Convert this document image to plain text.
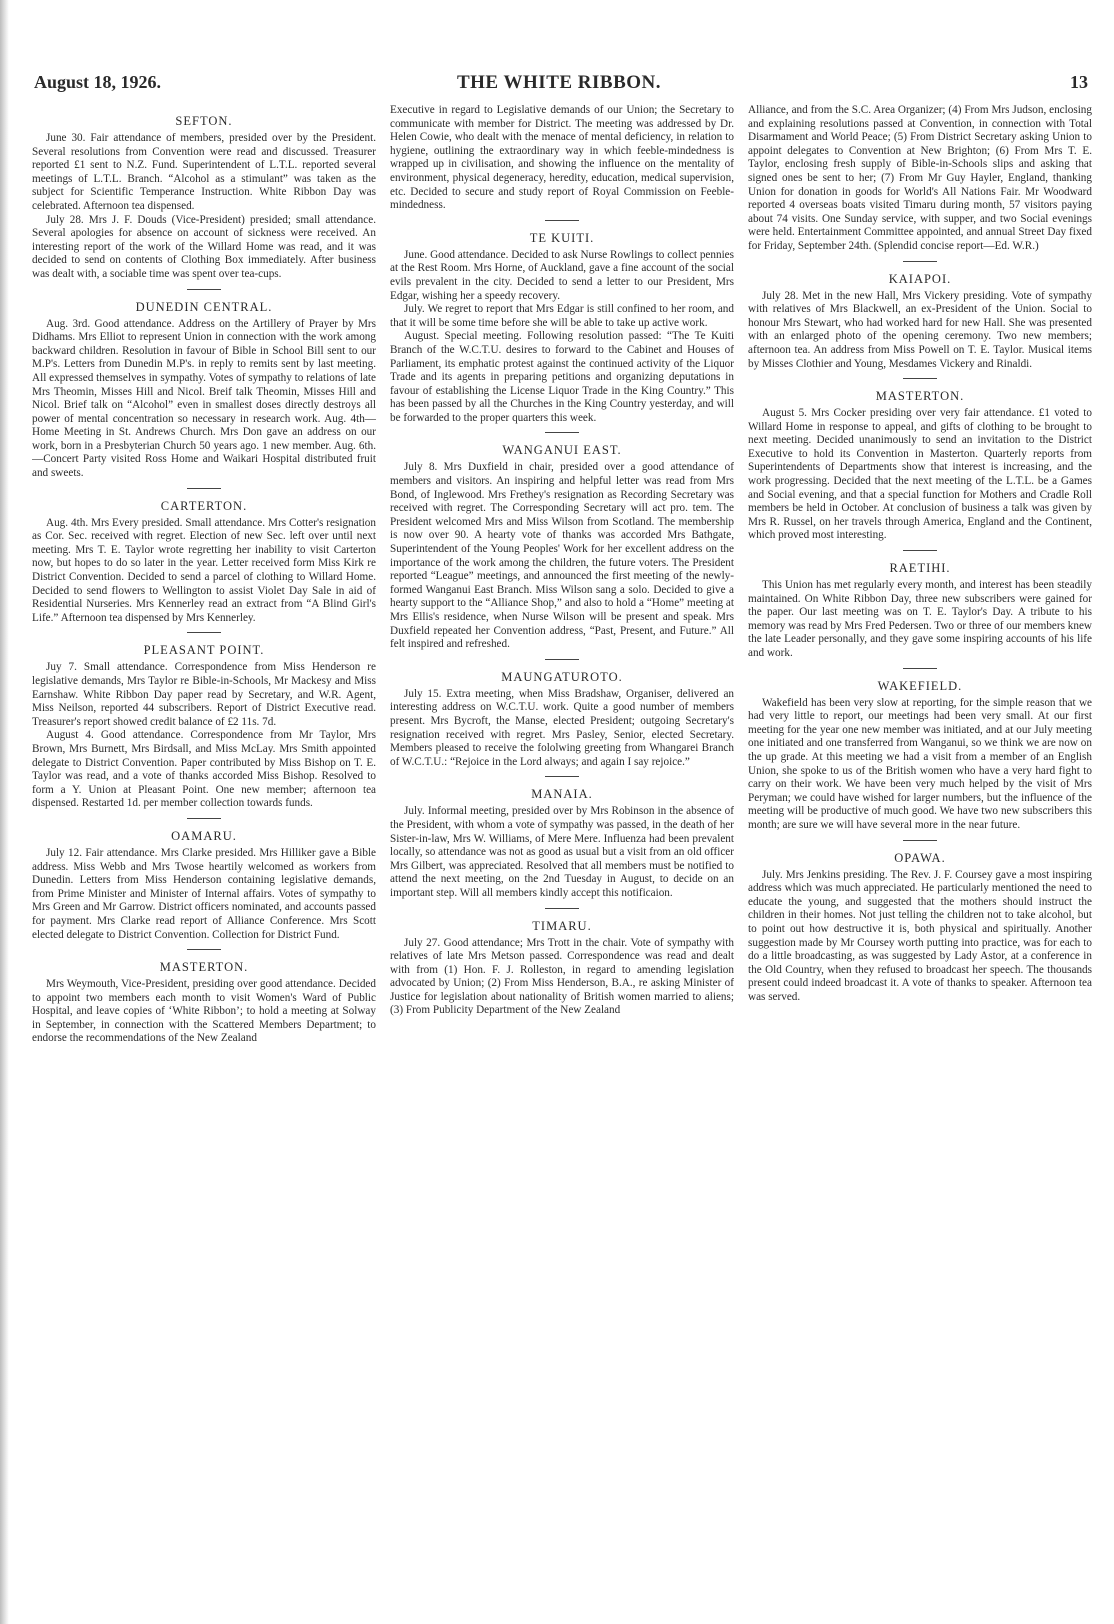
August 18, 1926.	THE WHITE RIBBON.	13
SEFTON.

June 30. Fair attendance of members, presided over by the President. Several resolutions from Convention were read and discussed. Treasurer reported £1 sent to N.Z. Fund. Superintendent of L.T.L. reported several meetings of L.T.L. Branch. “Alcohol as a stimulant” was taken as the subject for Scientific Temperance Instruction. White Ribbon Day was celebrated. Afternoon tea dispensed.

July 28. Mrs J. F. Douds (Vice-President) presided; small attendance. Several apologies for absence on account of sickness were received. An interesting report of the work of the Willard Home was read, and it was decided to send on contents of Clothing Box immediately. After business was dealt with, a sociable time was spent over tea-cups.

DUNEDIN CENTRAL.

Aug. 3rd. Good attendance. Address on the Artillery of Prayer by Mrs Didhams. Mrs Elliot to represent Union in connection with the work among backward children. Resolution in favour of Bible in School Bill sent to our M.P's. Letters from Dunedin M.P's. in reply to remits sent by last meeting. All expressed themselves in sympathy. Votes of sympathy to relations of late Mrs Theomin, Misses Hill and Nicol. Breif talk Theomin, Misses Hill and Nicol. Brief talk on “Alcohol” even in smallest doses directly destroys all power of mental concentration so necessary in research work. Aug. 4th—Home Meeting in St. Andrews Church. Mrs Don gave an address on our work, born in a Presbyterian Church 50 years ago. 1 new member. Aug. 6th.—Concert Party visited Ross Home and Waikari Hospital distributed fruit and sweets.

CARTERTON.

Aug. 4th. Mrs Every presided. Small attendance. Mrs Cotter's resignation as Cor. Sec. received with regret. Election of new Sec. left over until next meeting. Mrs T. E. Taylor wrote regretting her inability to visit Carterton now, but hopes to do so later in the year. Letter received form Miss Kirk re District Convention. Decided to send a parcel of clothing to Willard Home. Decided to send flowers to Wellington to assist Violet Day Sale in aid of Residential Nurseries. Mrs Kennerley read an extract from “A Blind Girl's Life.” Afternoon tea dispensed by Mrs Kennerley.

PLEASANT POINT.

Juy 7. Small attendance. Correspondence from Miss Henderson re legislative demands, Mrs Taylor re Bible-in-Schools, Mr Mackesy and Miss Earnshaw. White Ribbon Day paper read by Secretary, and W.R. Agent, Miss Neilson, reported 44 subscribers. Report of District Executive read. Treasurer's report showed credit balance of £2 11s. 7d.

August 4. Good attendance. Correspondence from Mr Taylor, Mrs Brown, Mrs Burnett, Mrs Birdsall, and Miss McLay. Mrs Smith appointed delegate to District Convention. Paper contributed by Miss Bishop on T. E. Taylor was read, and a vote of thanks accorded Miss Bishop. Resolved to form a Y. Union at Pleasant Point. One new member; afternoon tea dispensed. Restarted 1d. per member collection towards funds.

OAMARU.

July 12. Fair attendance. Mrs Clarke presided. Mrs Hilliker gave a Bible address. Miss Webb and Mrs Twose heartily welcomed as workers from Dunedin. Letters from Miss Henderson containing legislative demands, from Prime Minister and Minister of Internal affairs. Votes of sympathy to Mrs Green and Mr Garrow. District officers nominated, and accounts passed for payment. Mrs Clarke read report of Alliance Conference. Mrs Scott elected delegate to District Convention. Collection for District Fund.

MASTERTON.

Mrs Weymouth, Vice-President, presiding over good attendance. Decided to appoint two members each month to visit Women's Ward of Public Hospital, and leave copies of ‘White Ribbon’; to hold a meeting at Solway in September, in connection with the Scattered Members Department; to endorse the recommendations of the New Zealand

Executive in regard to Legislative demands of our Union; the Secretary to communicate with member for District. The meeting was addressed by Dr. Helen Cowie, who dealt with the menace of mental deficiency, in relation to hygiene, outlining the extraordinary way in which feeble-mindedness is wrapped up in civilisation, and showing the influence on the mentality of environment, physical degeneracy, heredity, education, medical supervision, etc. Decided to secure and study report of Royal Commission on Feeble-mindedness.

TE KUITI.

June. Good attendance. Decided to ask Nurse Rowlings to collect pennies at the Rest Room. Mrs Horne, of Auckland, gave a fine account of the social evils prevalent in the city. Decided to send a letter to our President, Mrs Edgar, wishing her a speedy recovery.

July. We regret to report that Mrs Edgar is still confined to her room, and that it will be some time before she will be able to take up active work.

August. Special meeting. Following resolution passed: “The Te Kuiti Branch of the W.C.T.U. desires to forward to the Cabinet and Houses of Parliament, its emphatic protest against the continued activity of the Liquor Trade and its agents in preparing petitions and organizing deputations in favour of establishing the License Liquor Trade in the King Country.” This has been passed by all the Churches in the King Country yesterday, and will be forwarded to the proper quarters this week.

WANGANUI EAST.

July 8. Mrs Duxfield in chair, presided over a good attendance of members and visitors. An inspiring and helpful letter was read from Mrs Bond, of Inglewood. Mrs Frethey's resignation as Recording Secretary was received with regret. The Corresponding Secretary will act pro. tem. The President welcomed Mrs and Miss Wilson from Scotland. The membership is now over 90. A hearty vote of thanks was accorded Mrs Bathgate, Superintendent of the Young Peoples' Work for her excellent address on the importance of the work among the children, the future voters. The President reported “League” meetings, and announced the first meeting of the newly-formed Wanganui East Branch. Miss Wilson sang a solo. Decided to give a hearty support to the “Alliance Shop,” and also to hold a “Home” meeting at Mrs Ellis's residence, when Nurse Wilson will be present and speak. Mrs Duxfield repeated her Convention address, “Past, Present, and Future.” All felt inspired and refreshed.

MAUNGATUROTO.

July 15. Extra meeting, when Miss Bradshaw, Organiser, delivered an interesting address on W.C.T.U. work. Quite a good number of members present. Mrs Bycroft, the Manse, elected President; outgoing Secretary's resignation received with regret. Mrs Pasley, Senior, elected Secretary. Members pleased to receive the fololwing greeting from Whangarei Branch of W.C.T.U.: “Rejoice in the Lord always; and again I say rejoice.”

MANAIA.

July. Informal meeting, presided over by Mrs Robinson in the absence of the President, with whom a vote of sympathy was passed, in the death of her Sister-in-law, Mrs W. Williams, of Mere Mere. Influenza had been prevalent locally, so attendance was not as good as usual but a visit from an old officer Mrs Gilbert, was appreciated. Resolved that all members must be notified to attend the next meeting, on the 2nd Tuesday in August, to decide on an important step. Will all members kindly accept this notificaion.

TIMARU.

July 27. Good attendance; Mrs Trott in the chair. Vote of sympathy with relatives of late Mrs Metson passed. Correspondence was read and dealt with from (1) Hon. F. J. Rolleston, in regard to amending legislation advocated by Union; (2) From Miss Henderson, B.A., re asking Minister of Justice for legislation about nationality of British women married to aliens; (3) From Publicity Department of the New Zealand

Alliance, and from the S.C. Area Organizer; (4) From Mrs Judson, enclosing and explaining resolutions passed at Convention, in connection with Total Disarmament and World Peace; (5) From District Secretary asking Union to appoint delegates to Convention at New Brighton; (6) From Mrs T. E. Taylor, enclosing fresh supply of Bible-in-Schools slips and asking that signed ones be sent to her; (7) From Mr Guy Hayler, England, thanking Union for donation in goods for World's All Nations Fair. Mr Woodward reported 4 overseas boats visited Timaru during month, 57 visitors paying about 74 visits. One Sunday service, with supper, and two Social evenings were held. Entertainment Committee appointed, and annual Street Day fixed for Friday, September 24th. (Splendid concise report—Ed. W.R.)

KAIAPOI.

July 28. Met in the new Hall, Mrs Vickery presiding. Vote of sympathy with relatives of Mrs Blackwell, an ex-President of the Union. Social to honour Mrs Stewart, who had worked hard for new Hall. She was presented with an enlarged photo of the opening ceremony. Two new members; afternoon tea. An address from Miss Powell on T. E. Taylor. Musical items by Misses Clothier and Young, Mesdames Vickery and Rinaldi.

MASTERTON.

August 5. Mrs Cocker presiding over very fair attendance. £1 voted to Willard Home in response to appeal, and gifts of clothing to be brought to next meeting. Decided unanimously to send an invitation to the District Executive to hold its Convention in Masterton. Quarterly reports from Superintendents of Departments show that interest is increasing, and the work progressing. Decided that the next meeting of the L.T.L. be a Games and Social evening, and that a special function for Mothers and Cradle Roll members be held in October. At conclusion of business a talk was given by Mrs R. Russel, on her travels through America, England and the Continent, which proved most interesting.

RAETIHI.

This Union has met regularly every month, and interest has been steadily maintained. On White Ribbon Day, three new subscribers were gained for the paper. Our last meeting was on T. E. Taylor's Day. A tribute to his memory was read by Mrs Fred Pedersen. Two or three of our members knew the late Leader personally, and they gave some inspiring accounts of his life and work.

WAKEFIELD.

Wakefield has been very slow at reporting, for the simple reason that we had very little to report, our meetings had been very small. At our first meeting for the year one new member was initiated, and at our July meeting one initiated and one transferred from Wanganui, so we think we are now on the up grade. At this meeting we had a visit from a member of an English Union, she spoke to us of the British women who have a very hard fight to carry on their work. We have been very much helped by the visit of Mrs Peryman; we could have wished for larger numbers, but the influence of the meeting will be productive of much good. We have two new subscribers this month; are sure we will have several more in the near future.

OPAWA.

July. Mrs Jenkins presiding. The Rev. J. F. Coursey gave a most inspiring address which was much appreciated. He particularly mentioned the need to educate the young, and suggested that the mothers should instruct the children in their homes. Not just telling the children not to take alcohol, but to point out how destructive it is, both physical and spiritually. Another suggestion made by Mr Coursey worth putting into practice, was for each to do a little broadcasting, as was suggested by Lady Astor, at a conference in the Old Country, when they refused to broadcast her speech. The thousands present could indeed broadcast it. A vote of thanks to speaker. Afternoon tea was served.
